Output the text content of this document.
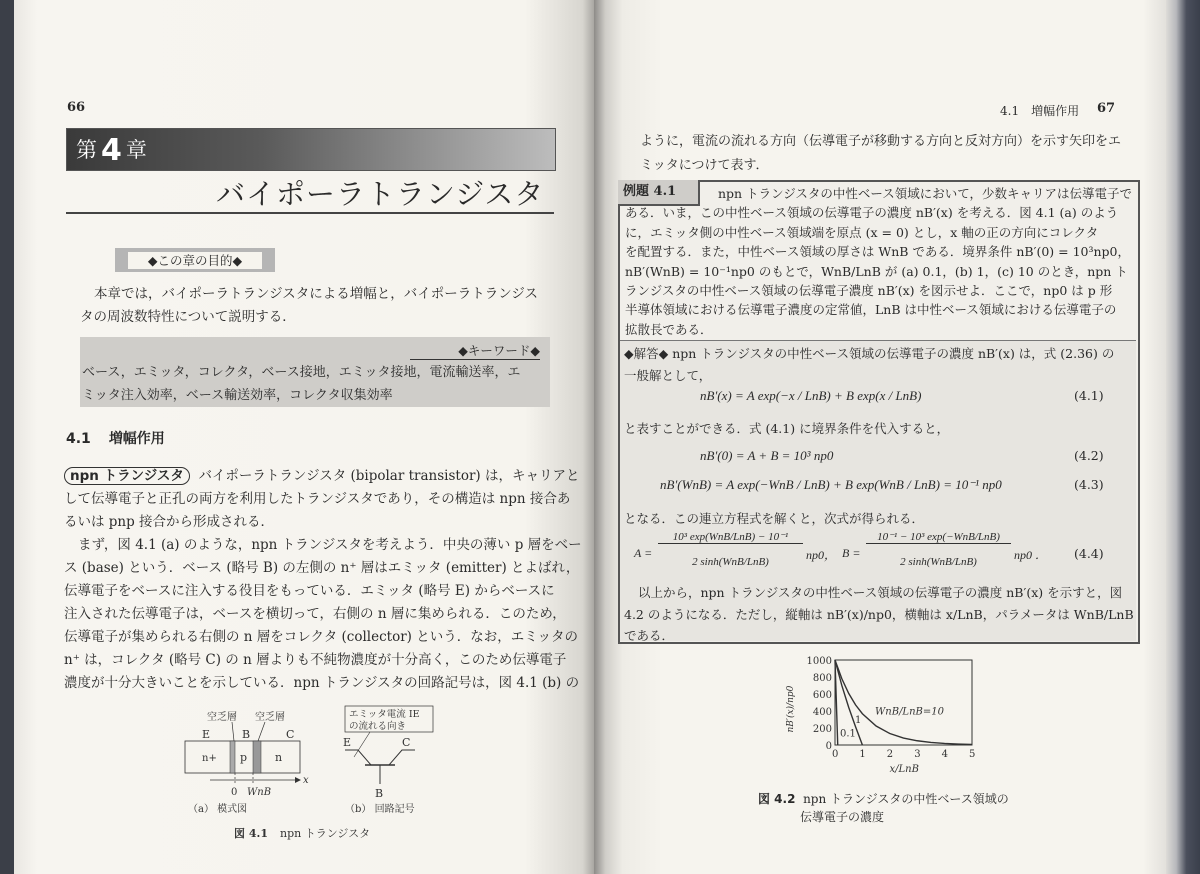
66
第 4 章
バイポーラトランジスタ
◆この章の目的◆
本章では，バイポーラトランジスタによる増幅と，バイポーラトランジス
タの周波数特性について説明する．
◆キーワード◆
ベース，エミッタ，コレクタ，ベース接地，エミッタ接地，電流輸送率，エ
ミッタ注入効率，ベース輸送効率，コレクタ収集効率
4.1 増幅作用
npn トランジスタ バイポーラトランジスタ (bipolar transistor) は，キャリアと
して伝導電子と正孔の両方を利用したトランジスタであり，その構造は npn 接合あ
るいは pnp 接合から形成される．
まず，図 4.1 (a) のような，npn トランジスタを考えよう．中央の薄い p 層をベー
ス (base) という．ベース (略号 B) の左側の n⁺ 層はエミッタ (emitter) とよばれ，
伝導電子をベースに注入する役目をもっている．エミッタ (略号 E) からベースに
注入された伝導電子は，ベースを横切って，右側の n 層に集められる．このため，
伝導電子が集められる右側の n 層をコレクタ (collector) という．なお，エミッタの
n⁺ は，コレクタ (略号 C) の n 層よりも不純物濃度が十分高く，このため伝導電子
濃度が十分大きいことを示している．npn トランジスタの回路記号は，図 4.1 (b) の
空乏層 空乏層
E	B	C
n+ p	n
x
0 WnB
（a） 模式図
エミッタ電流 IE
の流れる向き
E	C
B
（b） 回路記号
図 4.1 npn トランジスタ
4.1　増幅作用 67
ように，電流の流れる方向（伝導電子が移動する方向と反対方向）を示す矢印をエ
ミッタにつけて表す．
例題 4.1	npn トランジスタの中性ベース領域において，少数キャリアは伝導電子で
ある．いま，この中性ベース領域の伝導電子の濃度 nB′(x) を考える．図 4.1 (a) のよう
に，エミッタ側の中性ベース領域端を原点 (x = 0) とし，x 軸の正の方向にコレクタ
を配置する．また，中性ベース領域の厚さは WnB である．境界条件 nB′(0) = 10³np0，
nB′(WnB) = 10⁻¹np0 のもとで，WnB/LnB が (a) 0.1，(b) 1，(c) 10 のとき，npn ト
ランジスタの中性ベース領域の伝導電子濃度 nB′(x) を図示せよ．ここで，np0 は p 形
半導体領域における伝導電子濃度の定常値，LnB は中性ベース領域における伝導電子の
拡散長である．
◆解答◆ npn トランジスタの中性ベース領域の伝導電子の濃度 nB′(x) は，式 (2.36) の
一般解として，
nB′(x) = A exp(−x / LnB) + B exp(x / LnB)	(4.1)
と表すことができる．式 (4.1) に境界条件を代入すると，
nB′(0) = A + B = 10³ np0	(4.2)
nB′(WnB) = A exp(−WnB / LnB) + B exp(WnB / LnB) = 10⁻¹ np0	(4.3)
となる．この連立方程式を解くと，次式が得られる．
A =
10³ exp(WnB/LnB) − 10⁻¹
2 sinh(WnB/LnB)	np0， B =
10⁻¹ − 10³ exp(−WnB/LnB)
2 sinh(WnB/LnB)	np0 ． (4.4)
以上から，npn トランジスタの中性ベース領域の伝導電子の濃度 nB′(x) を示すと，図
4.2 のようになる．ただし，縦軸は nB′(x)/np0，横軸は x/LnB，パラメータは WnB/LnB
である．
0 1 2 3 4 5
0
200
400
600
800
1000
x/LnB
nB′(x)/np0
0.1
1
WnB/LnB=10
図 4.2 npn トランジスタの中性ベース領域の
伝導電子の濃度
